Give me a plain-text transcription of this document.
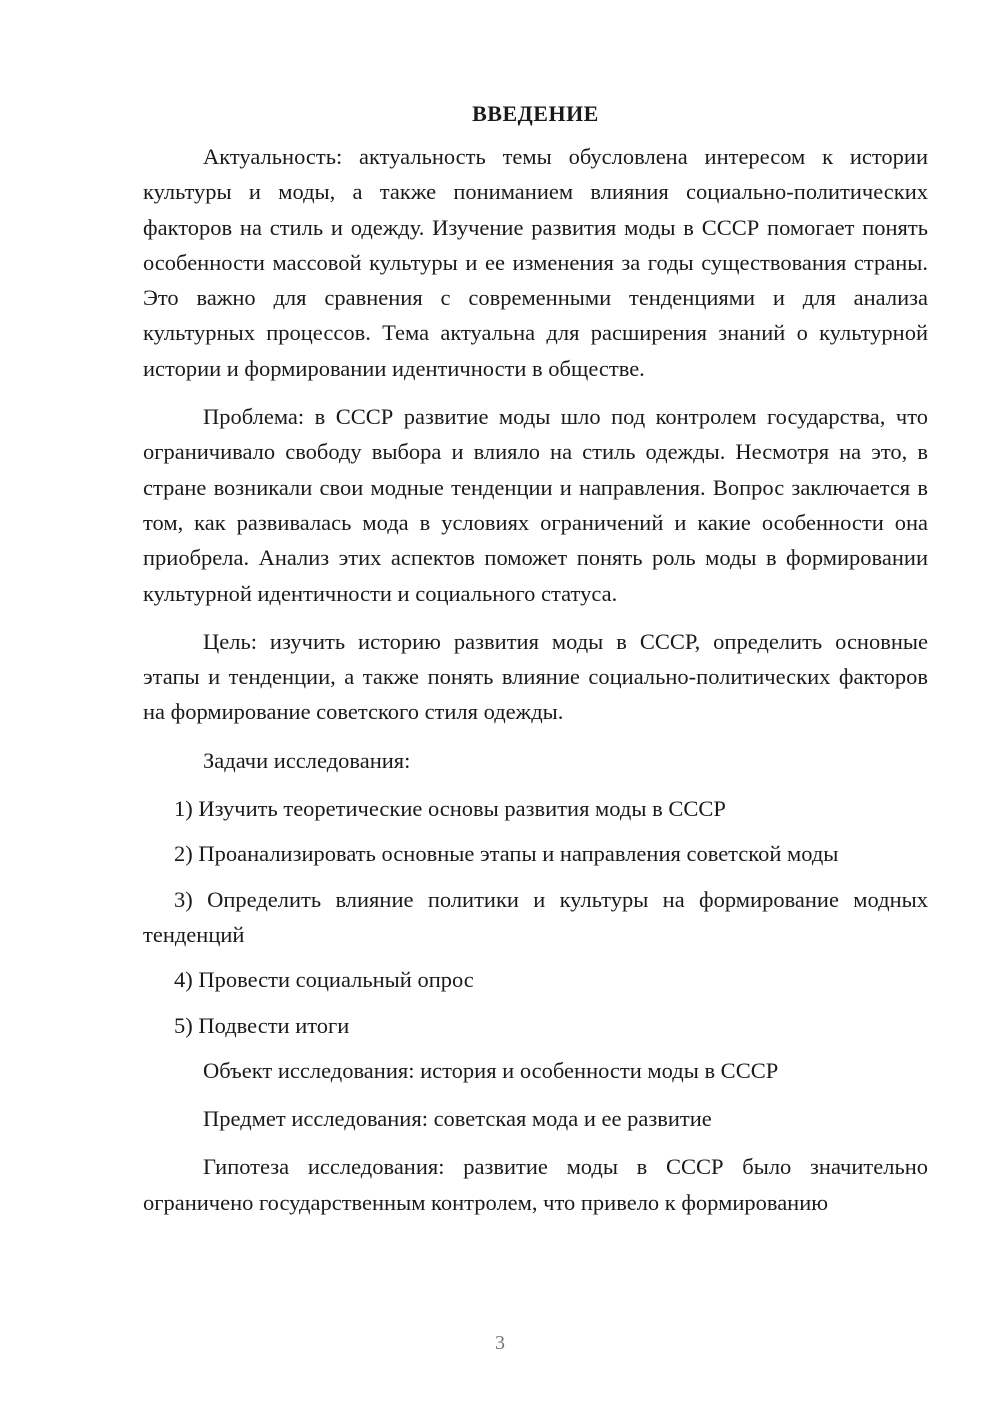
ВВЕДЕНИЕ

Актуальность: актуальность темы обусловлена интересом к истории культуры и моды, а также пониманием влияния социально-политических факторов на стиль и одежду. Изучение развития моды в СССР помогает понять особенности массовой культуры и ее изменения за годы существования страны. Это важно для сравнения с современными тенденциями и для анализа культурных процессов. Тема актуальна для расширения знаний о культурной истории и формировании идентичности в обществе.

Проблема: в СССР развитие моды шло под контролем государства, что ограничивало свободу выбора и влияло на стиль одежды. Несмотря на это, в стране возникали свои модные тенденции и направления. Вопрос заключается в том, как развивалась мода в условиях ограничений и какие особенности она приобрела. Анализ этих аспектов поможет понять роль моды в формировании культурной идентичности и социального статуса.

Цель: изучить историю развития моды в СССР, определить основные этапы и тенденции, а также понять влияние социально-политических факторов на формирование советского стиля одежды.

Задачи исследования:

1) Изучить теоретические основы развития моды в СССР

2) Проанализировать основные этапы и направления советской моды

3) Определить влияние политики и культуры на формирование модных тенденций

4) Провести социальный опрос

5) Подвести итоги

Объект исследования: история и особенности моды в СССР

Предмет исследования: советская мода и ее развитие

Гипотеза исследования: развитие моды в СССР было значительно ограничено государственным контролем, что привело к формированию

3
